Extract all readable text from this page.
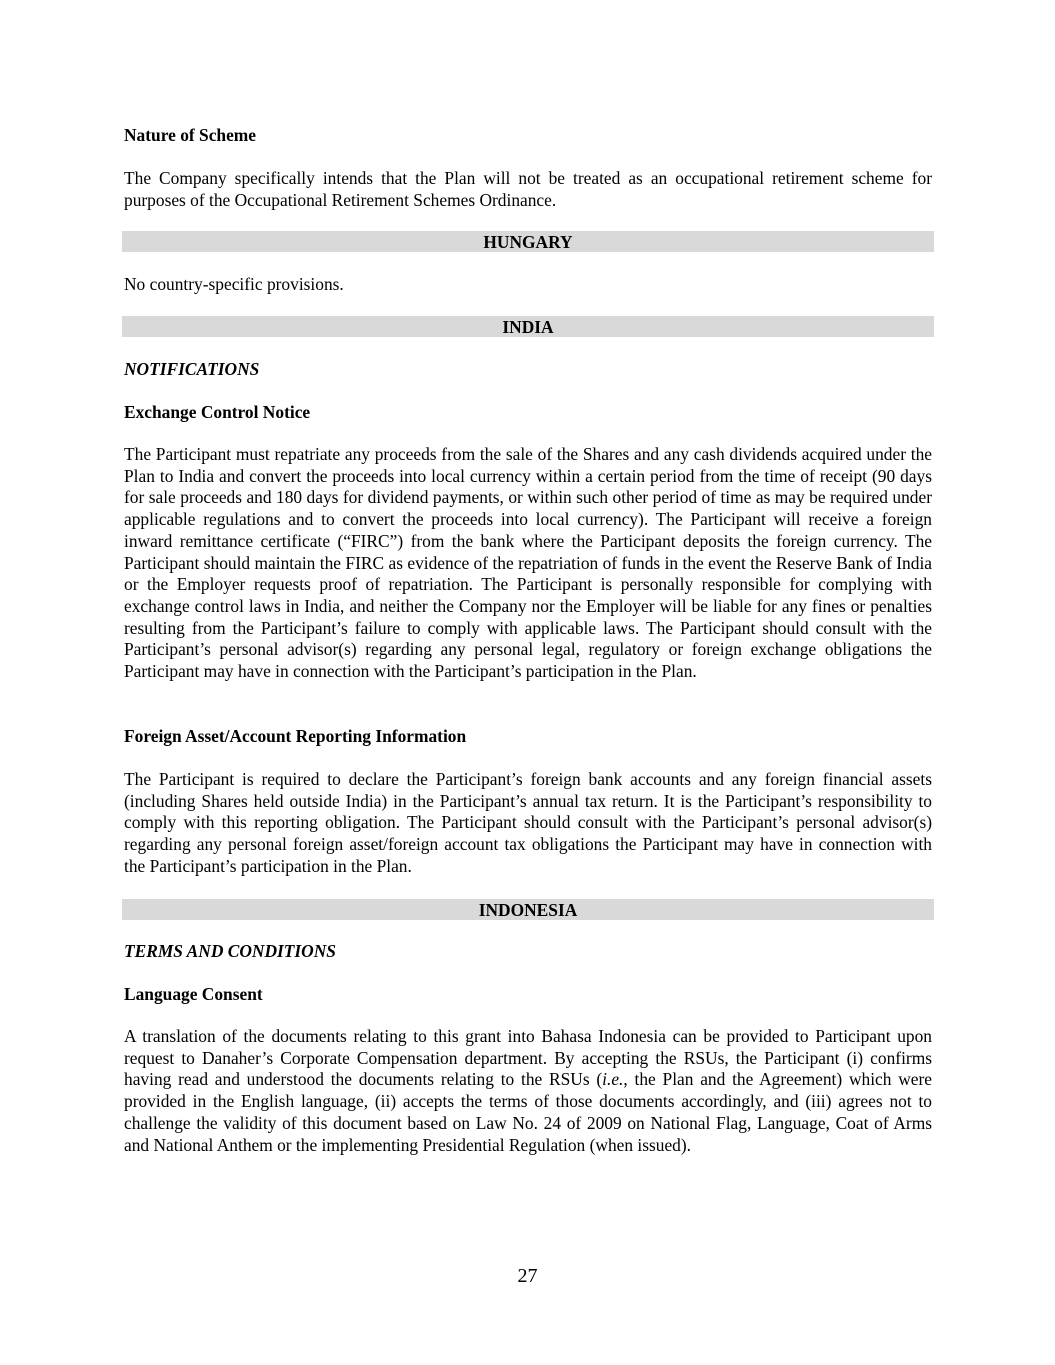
Nature of Scheme

The Company specifically intends that the Plan will not be treated as an occupational retirement scheme for purposes of the Occupational Retirement Schemes Ordinance.

HUNGARY

No country-specific provisions.

INDIA

NOTIFICATIONS

Exchange Control Notice

The Participant must repatriate any proceeds from the sale of the Shares and any cash dividends acquired under the Plan to India and convert the proceeds into local currency within a certain period from the time of receipt (90 days for sale proceeds and 180 days for dividend payments, or within such other period of time as may be required under applicable regulations and to convert the proceeds into local currency). The Participant will receive a foreign inward remittance certificate (“FIRC”) from the bank where the Participant deposits the foreign currency. The Participant should maintain the FIRC as evidence of the repatriation of funds in the event the Reserve Bank of India or the Employer requests proof of repatriation. The Participant is personally responsible for complying with exchange control laws in India, and neither the Company nor the Employer will be liable for any fines or penalties resulting from the Participant’s failure to comply with applicable laws. The Participant should consult with the Participant’s personal advisor(s) regarding any personal legal, regulatory or foreign exchange obligations the Participant may have in connection with the Participant’s participation in the Plan.

Foreign Asset/Account Reporting Information

The Participant is required to declare the Participant’s foreign bank accounts and any foreign financial assets (including Shares held outside India) in the Participant’s annual tax return. It is the Participant’s responsibility to comply with this reporting obligation. The Participant should consult with the Participant’s personal advisor(s) regarding any personal foreign asset/foreign account tax obligations the Participant may have in connection with the Participant’s participation in the Plan.

INDONESIA

TERMS AND CONDITIONS

Language Consent

A translation of the documents relating to this grant into Bahasa Indonesia can be provided to Participant upon request to Danaher’s Corporate Compensation department. By accepting the RSUs, the Participant (i) confirms having read and understood the documents relating to the RSUs (i.e., the Plan and the Agreement) which were provided in the English language, (ii) accepts the terms of those documents accordingly, and (iii) agrees not to challenge the validity of this document based on Law No. 24 of 2009 on National Flag, Language, Coat of Arms and National Anthem or the implementing Presidential Regulation (when issued).

27
